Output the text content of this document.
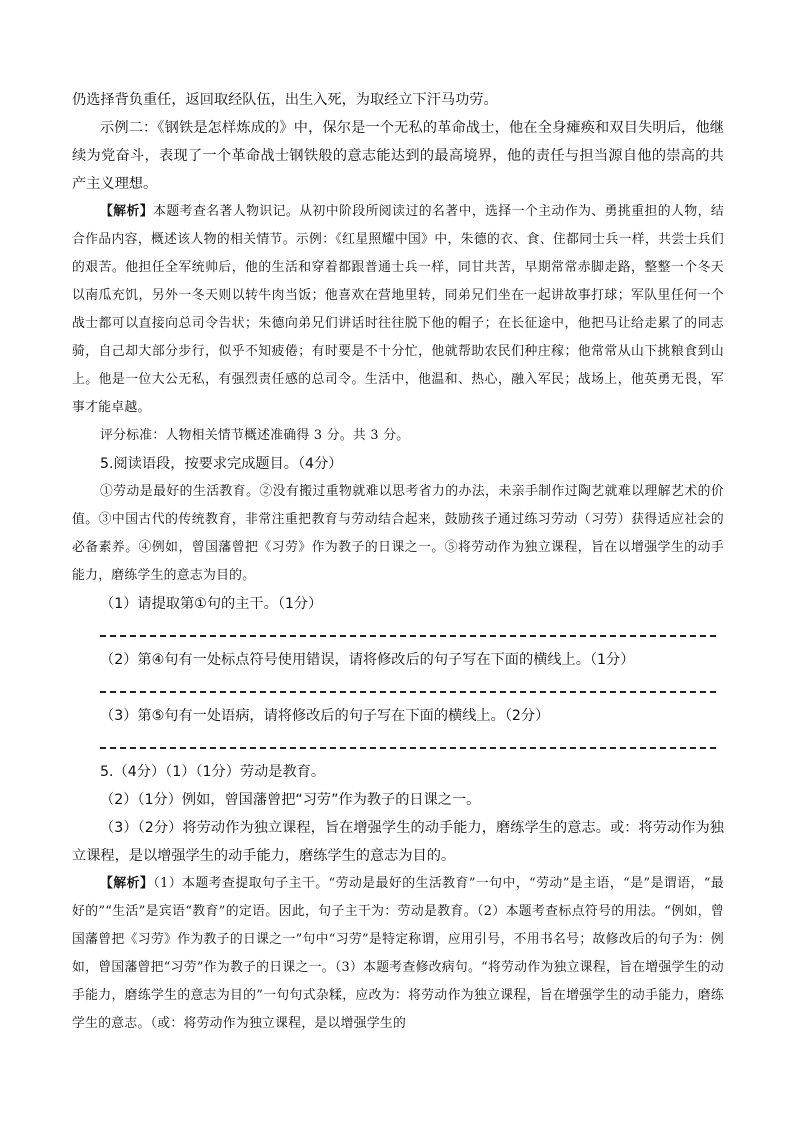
仍选择背负重任，返回取经队伍，出生入死，为取经立下汗马功劳。

示例二：《钢铁是怎样炼成的》中，保尔是一个无私的革命战士，他在全身瘫痪和双目失明后，他继续为党奋斗，表现了一个革命战士钢铁般的意志能达到的最高境界，他的责任与担当源自他的崇高的共产主义理想。

【解析】本题考查名著人物识记。从初中阶段所阅读过的名著中，选择一个主动作为、勇挑重担的人物，结合作品内容，概述该人物的相关情节。示例：《红星照耀中国》中，朱德的衣、食、住都同士兵一样，共尝士兵们的艰苦。他担任全军统帅后，他的生活和穿着都跟普通士兵一样，同甘共苦，早期常常赤脚走路，整整一个冬天以南瓜充饥，另外一冬天则以转牛肉当饭；他喜欢在营地里转，同弟兄们坐在一起讲故事打球；军队里任何一个战士都可以直接向总司令告状；朱德向弟兄们讲话时往往脱下他的帽子；在长征途中，他把马让给走累了的同志骑，自己却大部分步行，似乎不知疲倦；有时要是不十分忙，他就帮助农民们种庄稼；他常常从山下挑粮食到山上。他是一位大公无私，有强烈责任感的总司令。生活中，他温和、热心，融入军民；战场上，他英勇无畏，军事才能卓越。

评分标准：人物相关情节概述准确得 3 分。共 3 分。

5.阅读语段，按要求完成题目。（4分）

①劳动是最好的生活教育。②没有搬过重物就难以思考省力的办法，未亲手制作过陶艺就难以理解艺术的价值。③中国古代的传统教育，非常注重把教育与劳动结合起来，鼓励孩子通过练习劳动（习劳）获得适应社会的必备素养。④例如，曾国藩曾把《习劳》作为教子的日课之一。⑤将劳动作为独立课程，旨在以增强学生的动手能力，磨练学生的意志为目的。

（1）请提取第①句的主干。（1分）

（2）第④句有一处标点符号使用错误，请将修改后的句子写在下面的横线上。（1分）

（3）第⑤句有一处语病，请将修改后的句子写在下面的横线上。（2分）

5.（4分）（1）（1分）劳动是教育。

（2）（1分）例如，曾国藩曾把“习劳”作为教子的日课之一。

（3）（2分）将劳动作为独立课程，旨在增强学生的动手能力，磨练学生的意志。或：将劳动作为独立课程，是以增强学生的动手能力，磨练学生的意志为目的。

【解析】（1）本题考查提取句子主干。“劳动是最好的生活教育”一句中，“劳动”是主语，“是”是谓语，“最好的”“生活”是宾语“教育”的定语。因此，句子主干为：劳动是教育。（2）本题考查标点符号的用法。“例如，曾国藩曾把《习劳》作为教子的日课之一”句中“习劳”是特定称谓，应用引号，不用书名号；故修改后的句子为：例如，曾国藩曾把“习劳”作为教子的日课之一。（3）本题考查修改病句。“将劳动作为独立课程，旨在增强学生的动手能力，磨练学生的意志为目的”一句句式杂糅，应改为：将劳动作为独立课程，旨在增强学生的动手能力，磨练学生的意志。（或：将劳动作为独立课程，是以增强学生的
